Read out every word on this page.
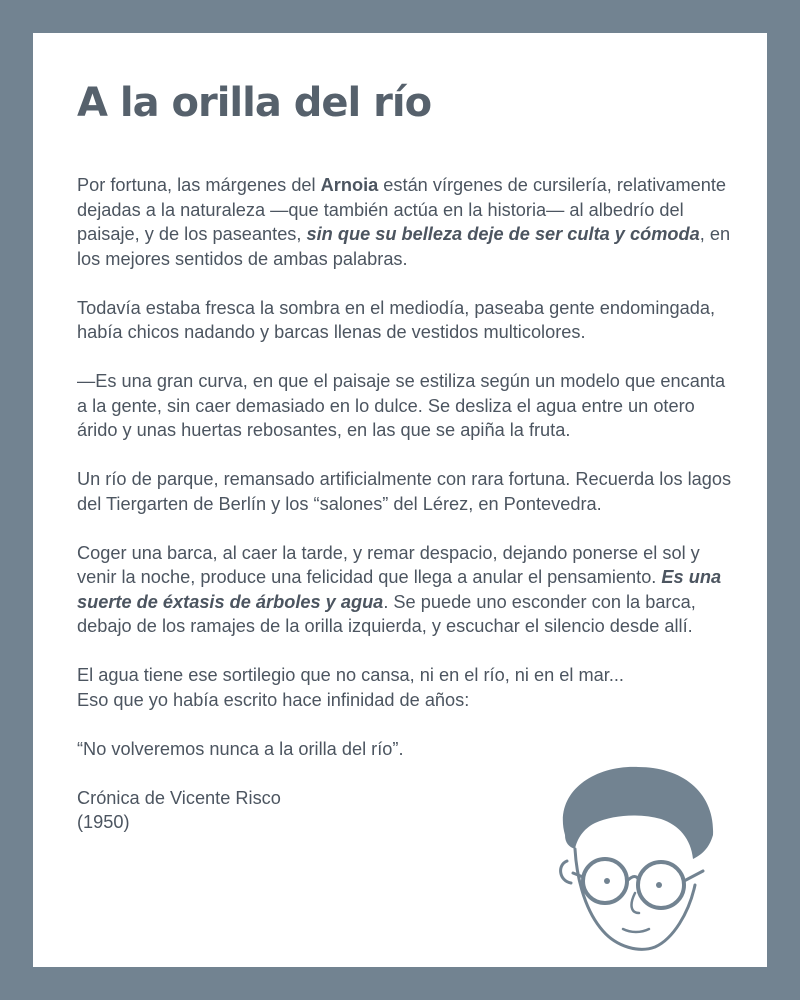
A la orilla del río

Por fortuna, las márgenes del Arnoia están vírgenes de cursilería, relativamente dejadas a la naturaleza —que también actúa en la historia— al albedrío del paisaje, y de los paseantes, sin que su belleza deje de ser culta y cómoda, en los mejores sentidos de ambas palabras.

Todavía estaba fresca la sombra en el mediodía, paseaba gente endomingada, había chicos nadando y barcas llenas de vestidos multicolores.

—Es una gran curva, en que el paisaje se estiliza según un modelo que encanta a la gente, sin caer demasiado en lo dulce. Se desliza el agua entre un otero árido y unas huertas rebosantes, en las que se apiña la fruta.

Un río de parque, remansado artificialmente con rara fortuna. Recuerda los lagos del Tiergarten de Berlín y los “salones” del Lérez, en Pontevedra.

Coger una barca, al caer la tarde, y remar despacio, dejando ponerse el sol y venir la noche, produce una felicidad que llega a anular el pensamiento. Es una suerte de éxtasis de árboles y agua. Se puede uno esconder con la barca, debajo de los ramajes de la orilla izquierda, y escuchar el silencio desde allí.

El agua tiene ese sortilegio que no cansa, ni en el río, ni en el mar...
Eso que yo había escrito hace infinidad de años:

“No volveremos nunca a la orilla del río”.

Crónica de Vicente Risco
(1950)
